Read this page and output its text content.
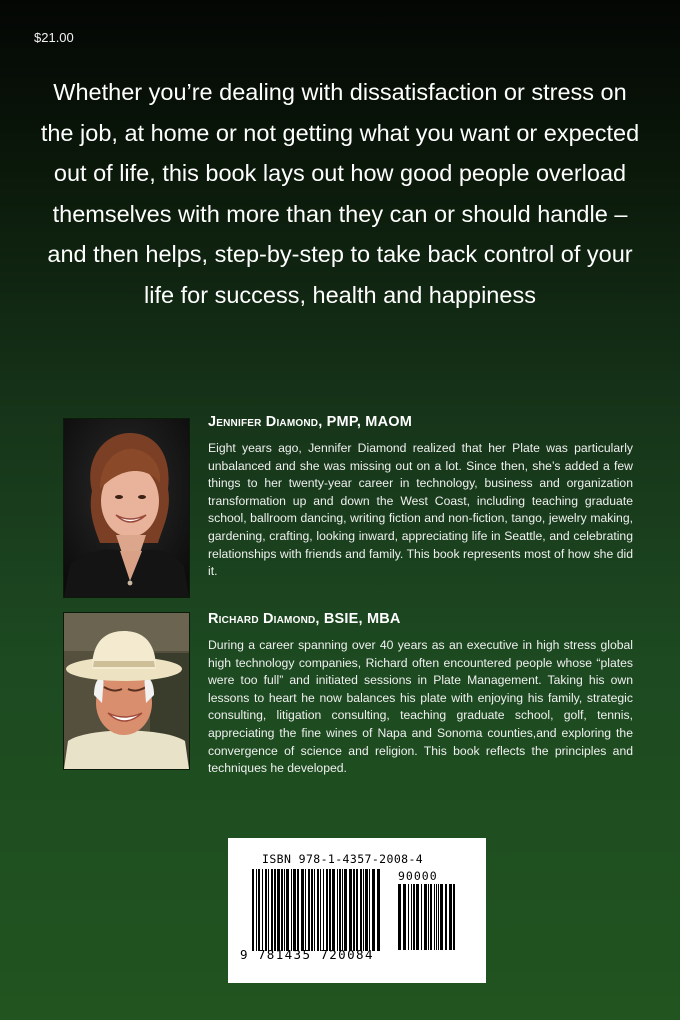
$21.00
Whether you’re dealing with dissatisfaction or stress on the job, at home or not getting what you want or expected out of life, this book lays out how good people overload themselves with more than they can or should handle – and then helps, step-by-step to take back control of your life for success, health and happiness
Jennifer Diamond, PMP, MAOM

Eight years ago, Jennifer Diamond realized that her Plate was particularly unbalanced and she was missing out on a lot. Since then, she’s added a few things to her twenty-year career in technology, business and organization transformation up and down the West Coast, including teaching graduate school, ballroom dancing, writing fiction and non-fiction, tango, jewelry making, gardening, crafting, looking inward, appreciating life in Seattle, and celebrating relationships with friends and family. This book represents most of how she did it.

Richard Diamond, BSIE, MBA

During a career spanning over 40 years as an executive in high stress global high technology companies, Richard often encountered people whose “plates were too full” and initiated sessions in Plate Management. Taking his own lessons to heart he now balances his plate with enjoying his family, strategic consulting, litigation consulting, teaching graduate school, golf, tennis, appreciating the fine wines of Napa and Sonoma counties,and exploring the convergence of science and religion. This book reflects the principles and techniques he developed.

ISBN 978-1-4357-2008-4
90000
9 781435 720084
